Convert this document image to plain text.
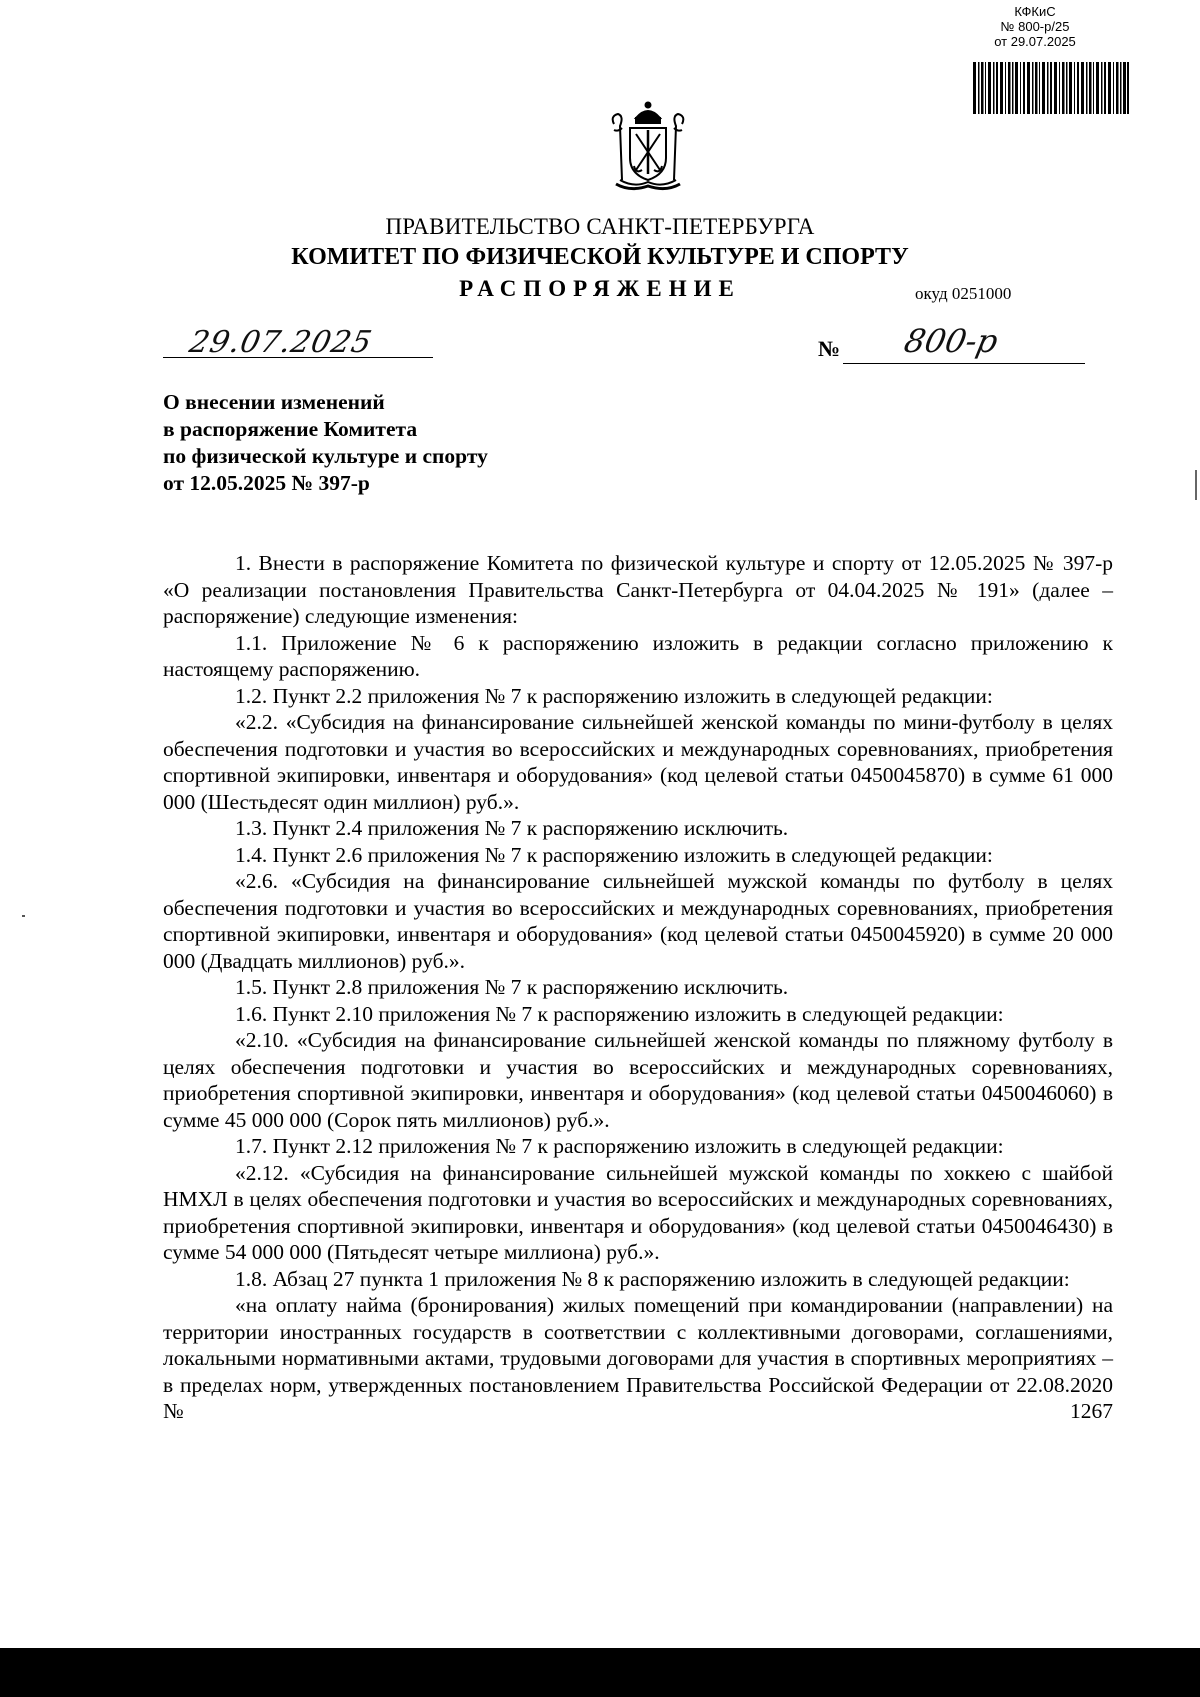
КФКиС
№ 800-р/25
от 29.07.2025
ПРАВИТЕЛЬСТВО САНКТ-ПЕТЕРБУРГА
КОМИТЕТ ПО ФИЗИЧЕСКОЙ КУЛЬТУРЕ И СПОРТУ
РАСПОРЯЖЕНИЕ	окуд 0251000
29.07.2025	№ 800-р
О внесении изменений
в распоряжение Комитета
по физической культуре и спорту
от 12.05.2025 № 397-р

1. Внести в распоряжение Комитета по физической культуре и спорту от 12.05.2025 № 397-р «О реализации постановления Правительства Санкт-Петербурга от 04.04.2025 № 191» (далее – распоряжение) следующие изменения:

1.1. Приложение № 6 к распоряжению изложить в редакции согласно приложению к настоящему распоряжению.

1.2. Пункт 2.2 приложения № 7 к распоряжению изложить в следующей редакции:

«2.2. «Субсидия на финансирование сильнейшей женской команды по мини-футболу в целях обеспечения подготовки и участия во всероссийских и международных соревнованиях, приобретения спортивной экипировки, инвентаря и оборудования» (код целевой статьи 0450045870) в сумме 61 000 000 (Шестьдесят один миллион) руб.».

1.3. Пункт 2.4 приложения № 7 к распоряжению исключить.

1.4. Пункт 2.6 приложения № 7 к распоряжению изложить в следующей редакции:

«2.6. «Субсидия на финансирование сильнейшей мужской команды по футболу в целях обеспечения подготовки и участия во всероссийских и международных соревнованиях, приобретения спортивной экипировки, инвентаря и оборудования» (код целевой статьи 0450045920) в сумме 20 000 000 (Двадцать миллионов) руб.».

1.5. Пункт 2.8 приложения № 7 к распоряжению исключить.

1.6. Пункт 2.10 приложения № 7 к распоряжению изложить в следующей редакции:

«2.10. «Субсидия на финансирование сильнейшей женской команды по пляжному футболу в целях обеспечения подготовки и участия во всероссийских и международных соревнованиях, приобретения спортивной экипировки, инвентаря и оборудования» (код целевой статьи 0450046060) в сумме 45 000 000 (Сорок пять миллионов) руб.».

1.7. Пункт 2.12 приложения № 7 к распоряжению изложить в следующей редакции:

«2.12. «Субсидия на финансирование сильнейшей мужской команды по хоккею с шайбой НМХЛ в целях обеспечения подготовки и участия во всероссийских и международных соревнованиях, приобретения спортивной экипировки, инвентаря и оборудования» (код целевой статьи 0450046430) в сумме 54 000 000 (Пятьдесят четыре миллиона) руб.».

1.8. Абзац 27 пункта 1 приложения № 8 к распоряжению изложить в следующей редакции:

«на оплату найма (бронирования) жилых помещений при командировании (направлении) на территории иностранных государств в соответствии с коллективными договорами, соглашениями, локальными нормативными актами, трудовыми договорами для участия в спортивных мероприятиях – в пределах норм, утвержденных постановлением Правительства Российской Федерации от 22.08.2020 № 1267
